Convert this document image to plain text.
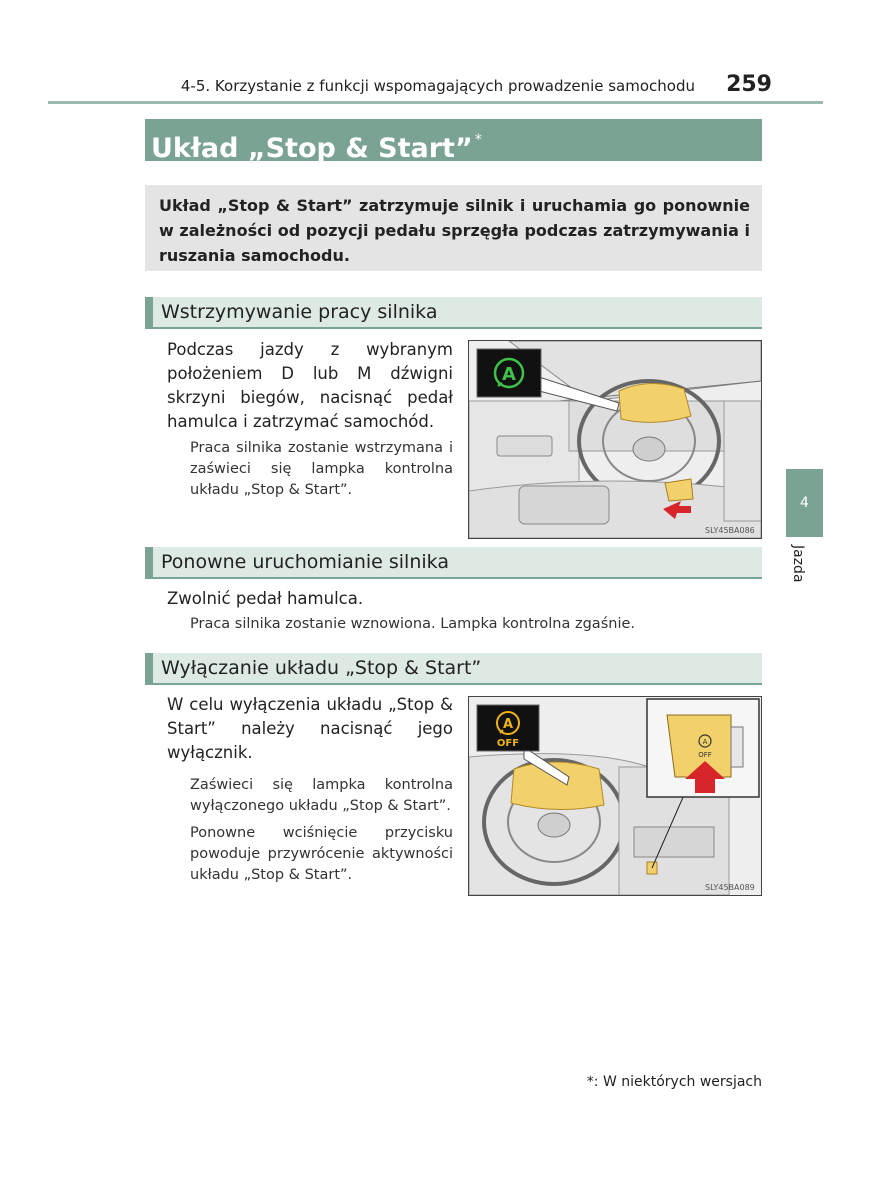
4-5. Korzystanie z funkcji wspomagających prowadzenie samochodu	259
Układ „Stop & Start” *
Układ „Stop & Start” zatrzymuje silnik i uruchamia go ponownie w zależności od pozycji pedału sprzęgła podczas zatrzymywania i ruszania samochodu.
Wstrzymywanie pracy silnika
Podczas jazdy z wybranym położeniem D lub M dźwigni skrzyni biegów, nacisnąć pedał hamulca i zatrzymać samochód.
Praca silnika zostanie wstrzymana i zaświeci się lampka kontrolna układu „Stop & Start”.
A
SLY45BA086
Ponowne uruchomianie silnika
Zwolnić pedał hamulca.
Praca silnika zostanie wznowiona. Lampka kontrolna zgaśnie.
Wyłączanie układu „Stop & Start”
W celu wyłączenia układu „Stop & Start” należy nacisnąć jego wyłącznik.
Zaświeci się lampka kontrolna wyłączonego układu „Stop & Start”.
Ponowne wciśnięcie przycisku powoduje przywrócenie aktywności układu „Stop & Start”.
A
OFF	A
OFF
SLY45BA089
4
Jazda
*: W niektórych wersjach
